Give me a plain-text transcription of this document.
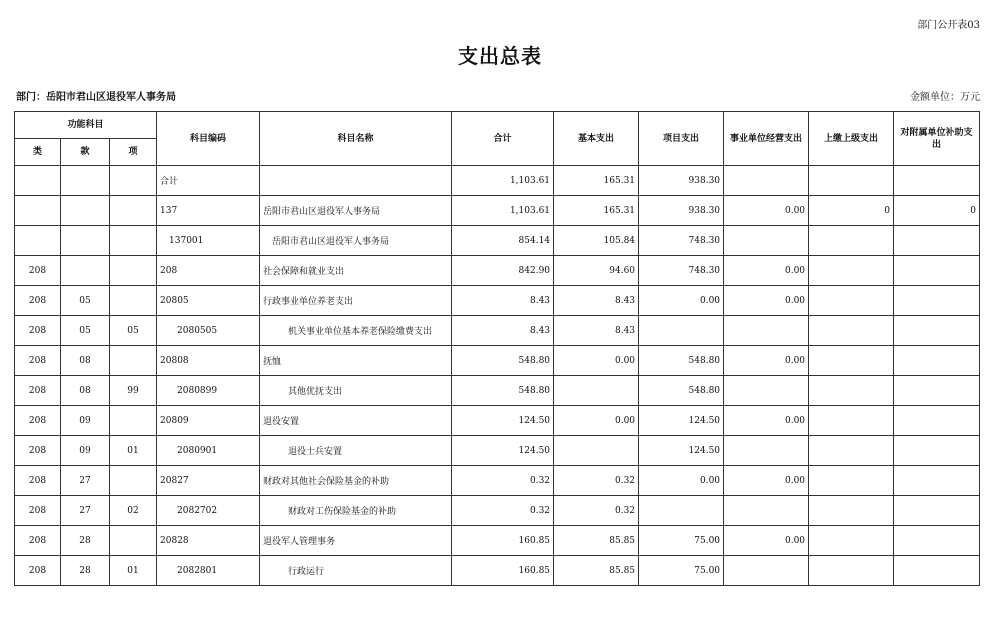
部门公开表03
支出总表
部门：岳阳市君山区退役军人事务局	金额单位：万元
功能科目			科目编码	科目名称	合计	基本支出	项目支出	事业单位经营支出	上缴上级支出	对附属单位补助支出
类	款	项								
			合计		1,103.61	165.31	938.30			
			137	岳阳市君山区退役军人事务局	1,103.61	165.31	938.30	0.00	0	0
			137001	岳阳市君山区退役军人事务局	854.14	105.84	748.30			
208			208	社会保障和就业支出	842.90	94.60	748.30	0.00		
208	05		20805	行政事业单位养老支出	8.43	8.43	0.00	0.00		
208	05	05	2080505	机关事业单位基本养老保险缴费支出	8.43	8.43				
208	08		20808	抚恤	548.80	0.00	548.80	0.00		
208	08	99	2080899	其他优抚支出	548.80		548.80			
208	09		20809	退役安置	124.50	0.00	124.50	0.00		
208	09	01	2080901	退役士兵安置	124.50		124.50			
208	27		20827	财政对其他社会保险基金的补助	0.32	0.32	0.00	0.00		
208	27	02	2082702	财政对工伤保险基金的补助	0.32	0.32				
208	28		20828	退役军人管理事务	160.85	85.85	75.00	0.00		
208	28	01	2082801	行政运行	160.85	85.85	75.00			
